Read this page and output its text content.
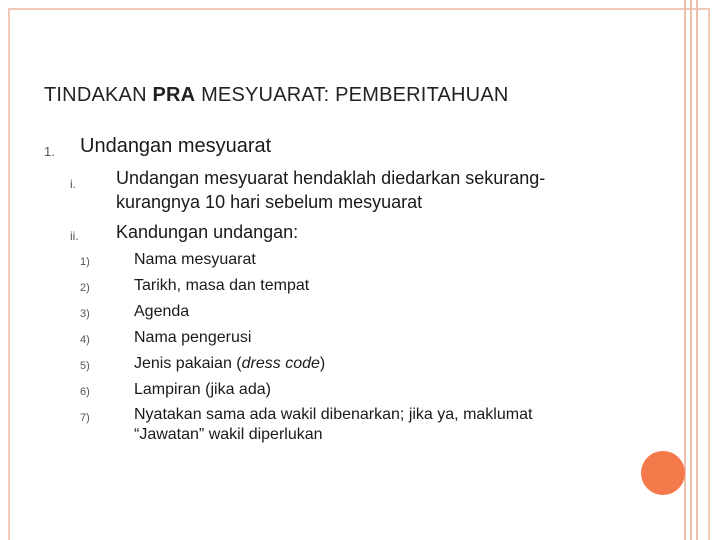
TINDAKAN PRA MESYUARAT: PEMBERITAHUAN
1. Undangan mesyuarat
i. Undangan mesyuarat hendaklah diedarkan sekurang-
kurangnya 10 hari sebelum mesyuarat
ii. Kandungan undangan:
1)	Nama mesyuarat
2)	Tarikh, masa dan tempat
3)	Agenda
4)	Nama pengerusi
5)	Jenis pakaian (dress code)
6)	Lampiran (jika ada)
7)	Nyatakan sama ada wakil dibenarkan; jika ya, maklumat
“Jawatan” wakil diperlukan
